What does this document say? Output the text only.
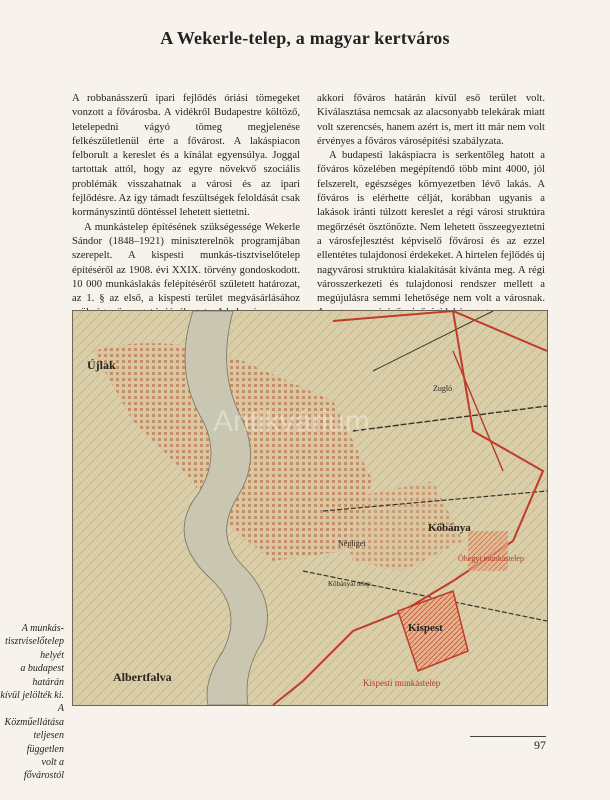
A Wekerle-telep, a magyar kertváros

A robbanásszerű ipari fejlődés óriási tömegeket vonzott a fővárosba. A vidékről Budapestre költöző, letelepedni vágyó tömeg megjelenése felkészületlenül érte a fővárost. A lakáspiacon felborult a kereslet és a kínálat egyensúlya. Joggal tartottak attól, hogy az egyre növekvő szociális problémák visszahatnak a városi és az ipari fejlődésre. Az így támadt feszültségek feloldását csak kormányszintű döntéssel lehetett siettetni.

A munkástelep építésének szükségessége Wekerle Sándor (1848–1921) miniszterelnök programjában szerepelt. A kispesti munkás-tisztviselőtelep építéséről az 1908. évi XXIX. törvény gondoskodott. 10 000 munkáslakás felépítéséről született határozat, az 1. § az első, a kispesti terület megvásárlásához

akkori főváros határán kívül eső terület volt. Kiválasztása nemcsak az alacsonyabb telekárak miatt volt szerencsés, hanem azért is, mert itt már nem volt érvényes a főváros városépítési szabályzata.

A budapesti lakáspiacra is serkentőleg hatott a főváros közelében megépítendő több mint 4000, jól felszerelt, egészséges környezetben lévő lakás. A főváros is elérhette célját, korábban ugyanis a lakások iránti túlzott kereslet a régi városi struktúra megőrzését ösztönözte. Nem lehetett összeegyeztetni a városfejlesztést képviselő fővárosi és az ezzel ellentétes tulajdonosi érdekeket. A hirtelen fejlődés új nagyvárosi struktúra kialakítását kívánta meg. A régi városszerkezeti és tulajdonosi rendszer mellett a megújulásra semmi lehetősége nem volt a városnak.

Újlak
Kőbánya
Kispest
Albertfalva	Kispesti munkástelep
Óhegyi munkástelep
Zugló
Népliget
Kőbányai telep
Antikvárium
A munkás-
tisztviselőtelep helyét
a budapest határán
kívül jelölték ki.
A Közműellátása
teljesen független
volt a fővárostól
97
